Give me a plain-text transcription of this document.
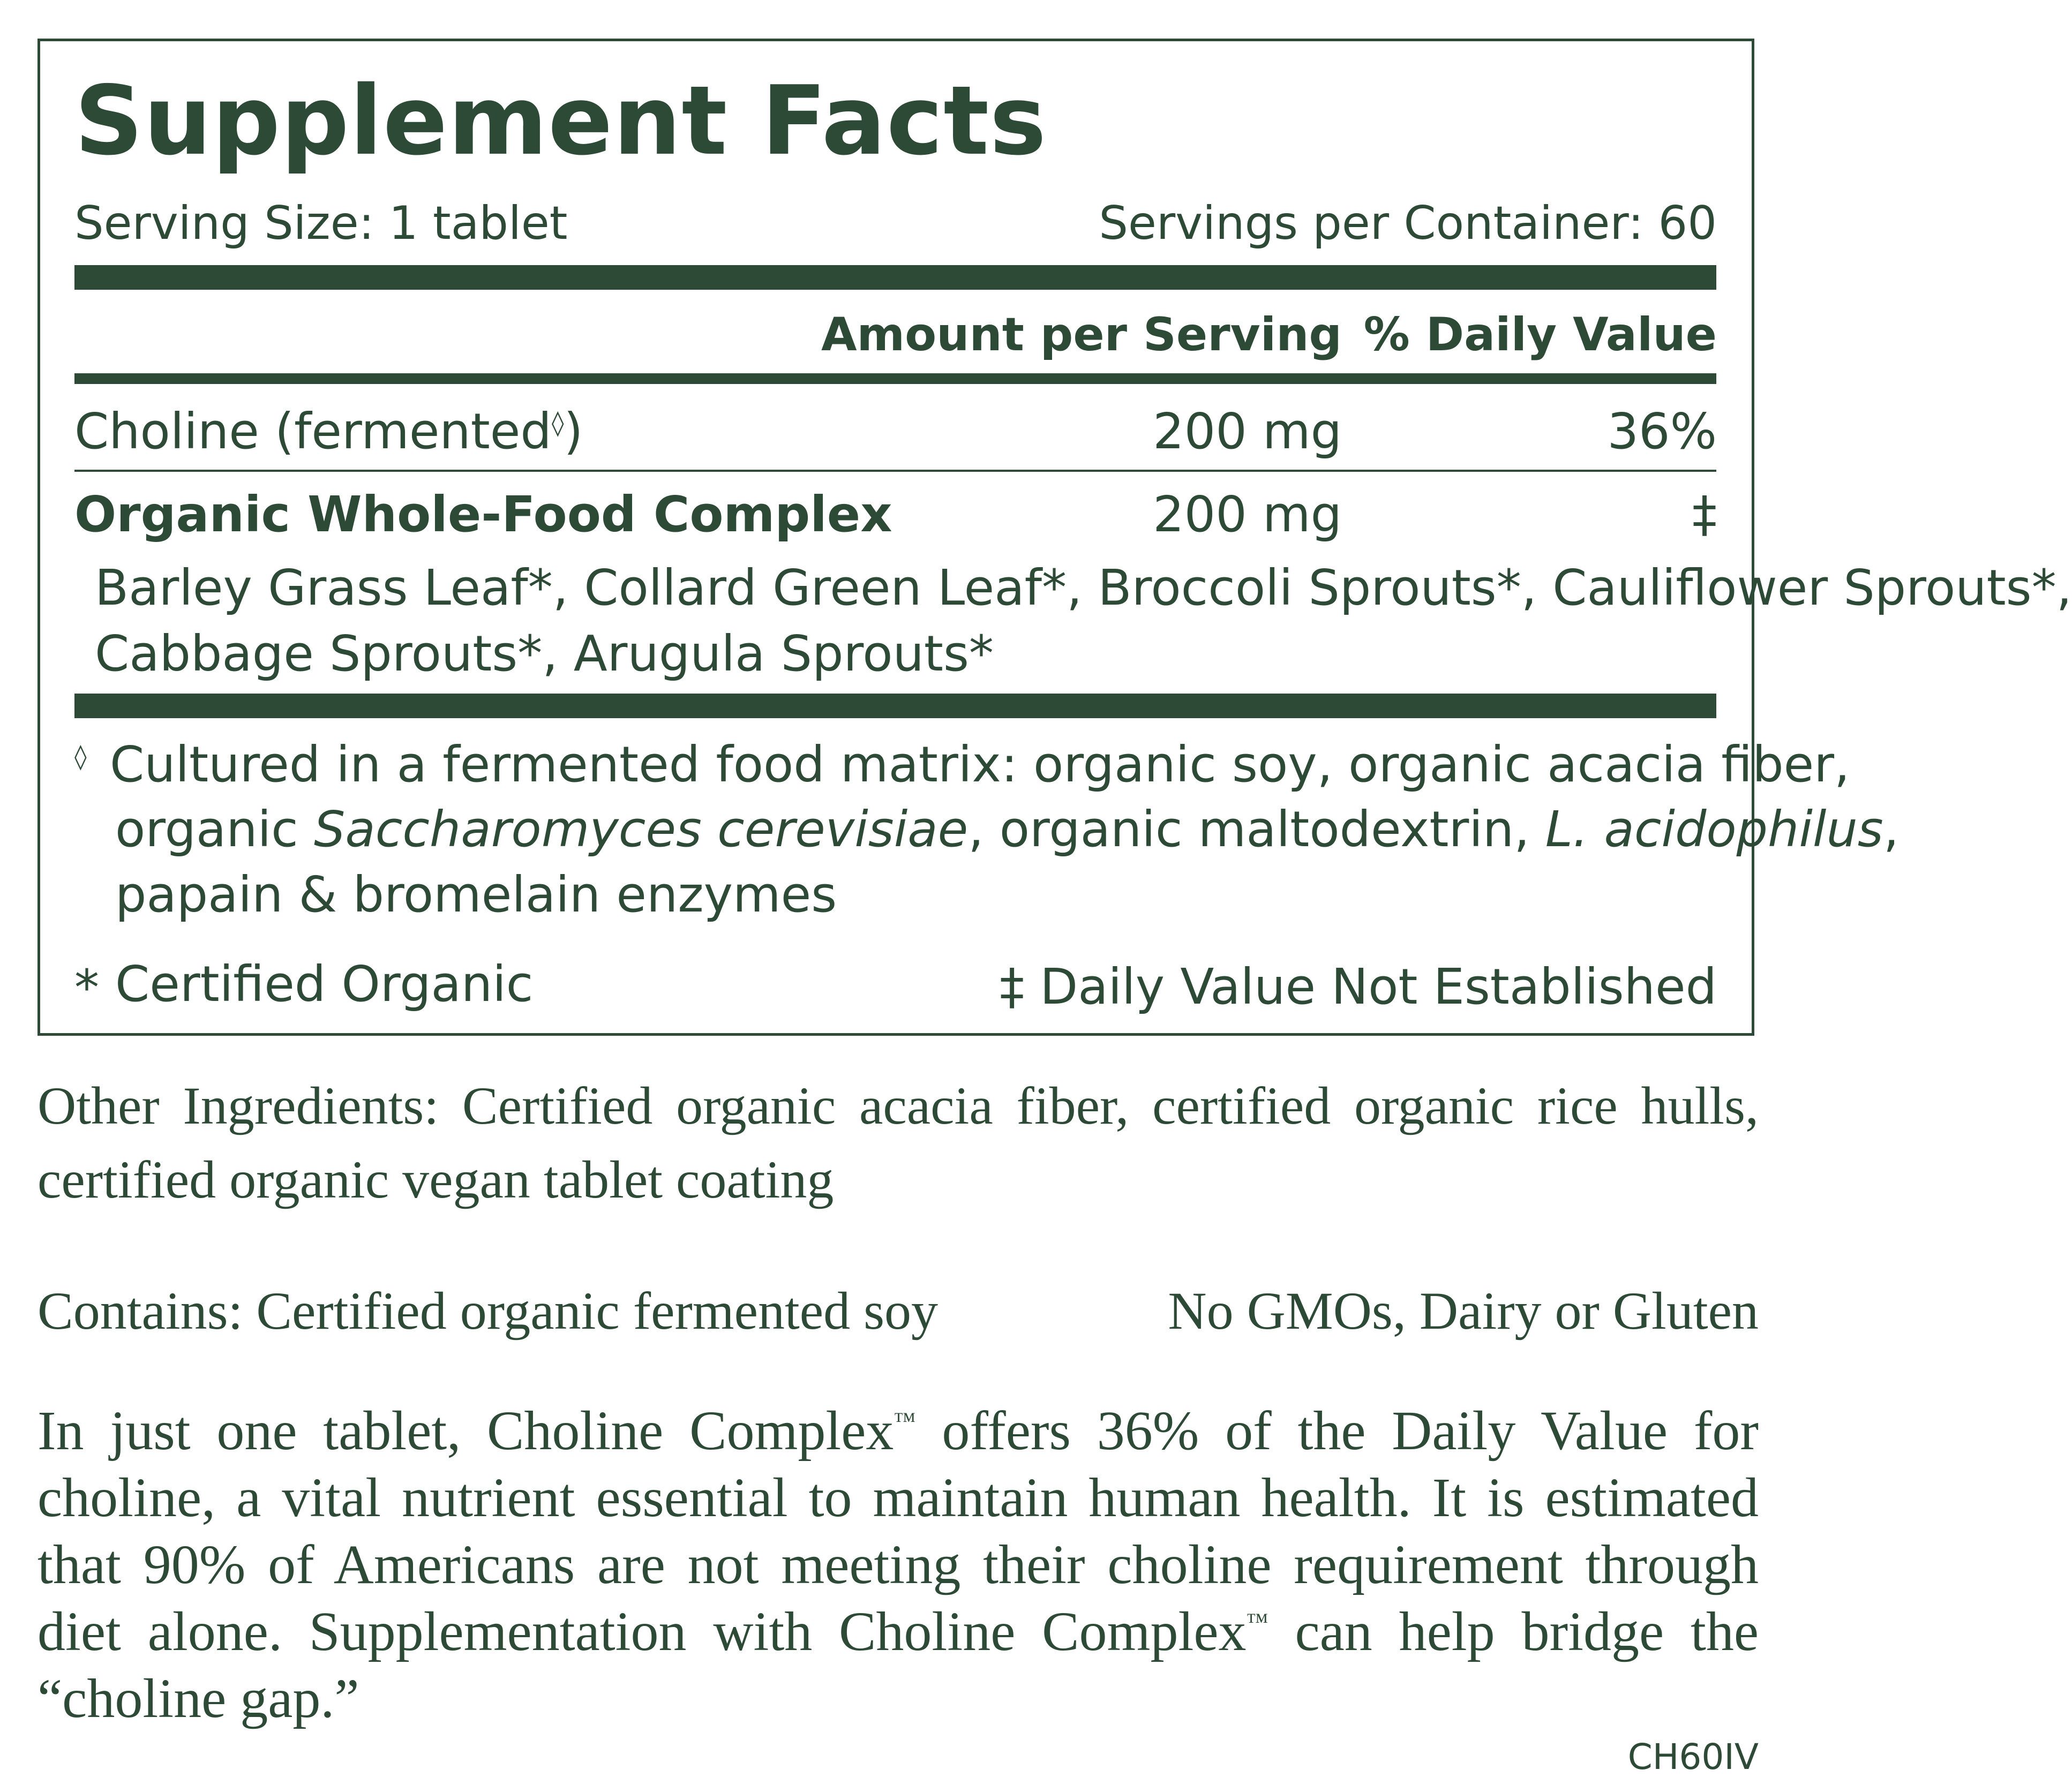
Supplement Facts
Serving Size: 1 tablet	Servings per Container: 60
Amount per Serving % Daily Value
Choline (fermented◊)	200 mg	36%
Organic Whole-Food Complex	200 mg	‡
Barley Grass Leaf*, Collard Green Leaf*, Broccoli Sprouts*, Cauliflower Sprouts*,
Cabbage Sprouts*, Arugula Sprouts*
◊ Cultured in a fermented food matrix: organic soy, organic acacia fiber,
organic Saccharomyces cerevisiae, organic maltodextrin, L. acidophilus,
papain & bromelain enzymes
* Certified Organic	‡ Daily Value Not Established
Other Ingredients: Certified organic acacia fiber, certified organic rice hulls,
certified organic vegan tablet coating
Contains: Certified organic fermented soy	No GMOs, Dairy or Gluten
In just one tablet, Choline Complex™ offers 36% of the Daily Value for
choline, a vital nutrient essential to maintain human health. It is estimated
that 90% of Americans are not meeting their choline requirement through
diet alone. Supplementation with Choline Complex™ can help bridge the
“choline gap.”
CH60IV
